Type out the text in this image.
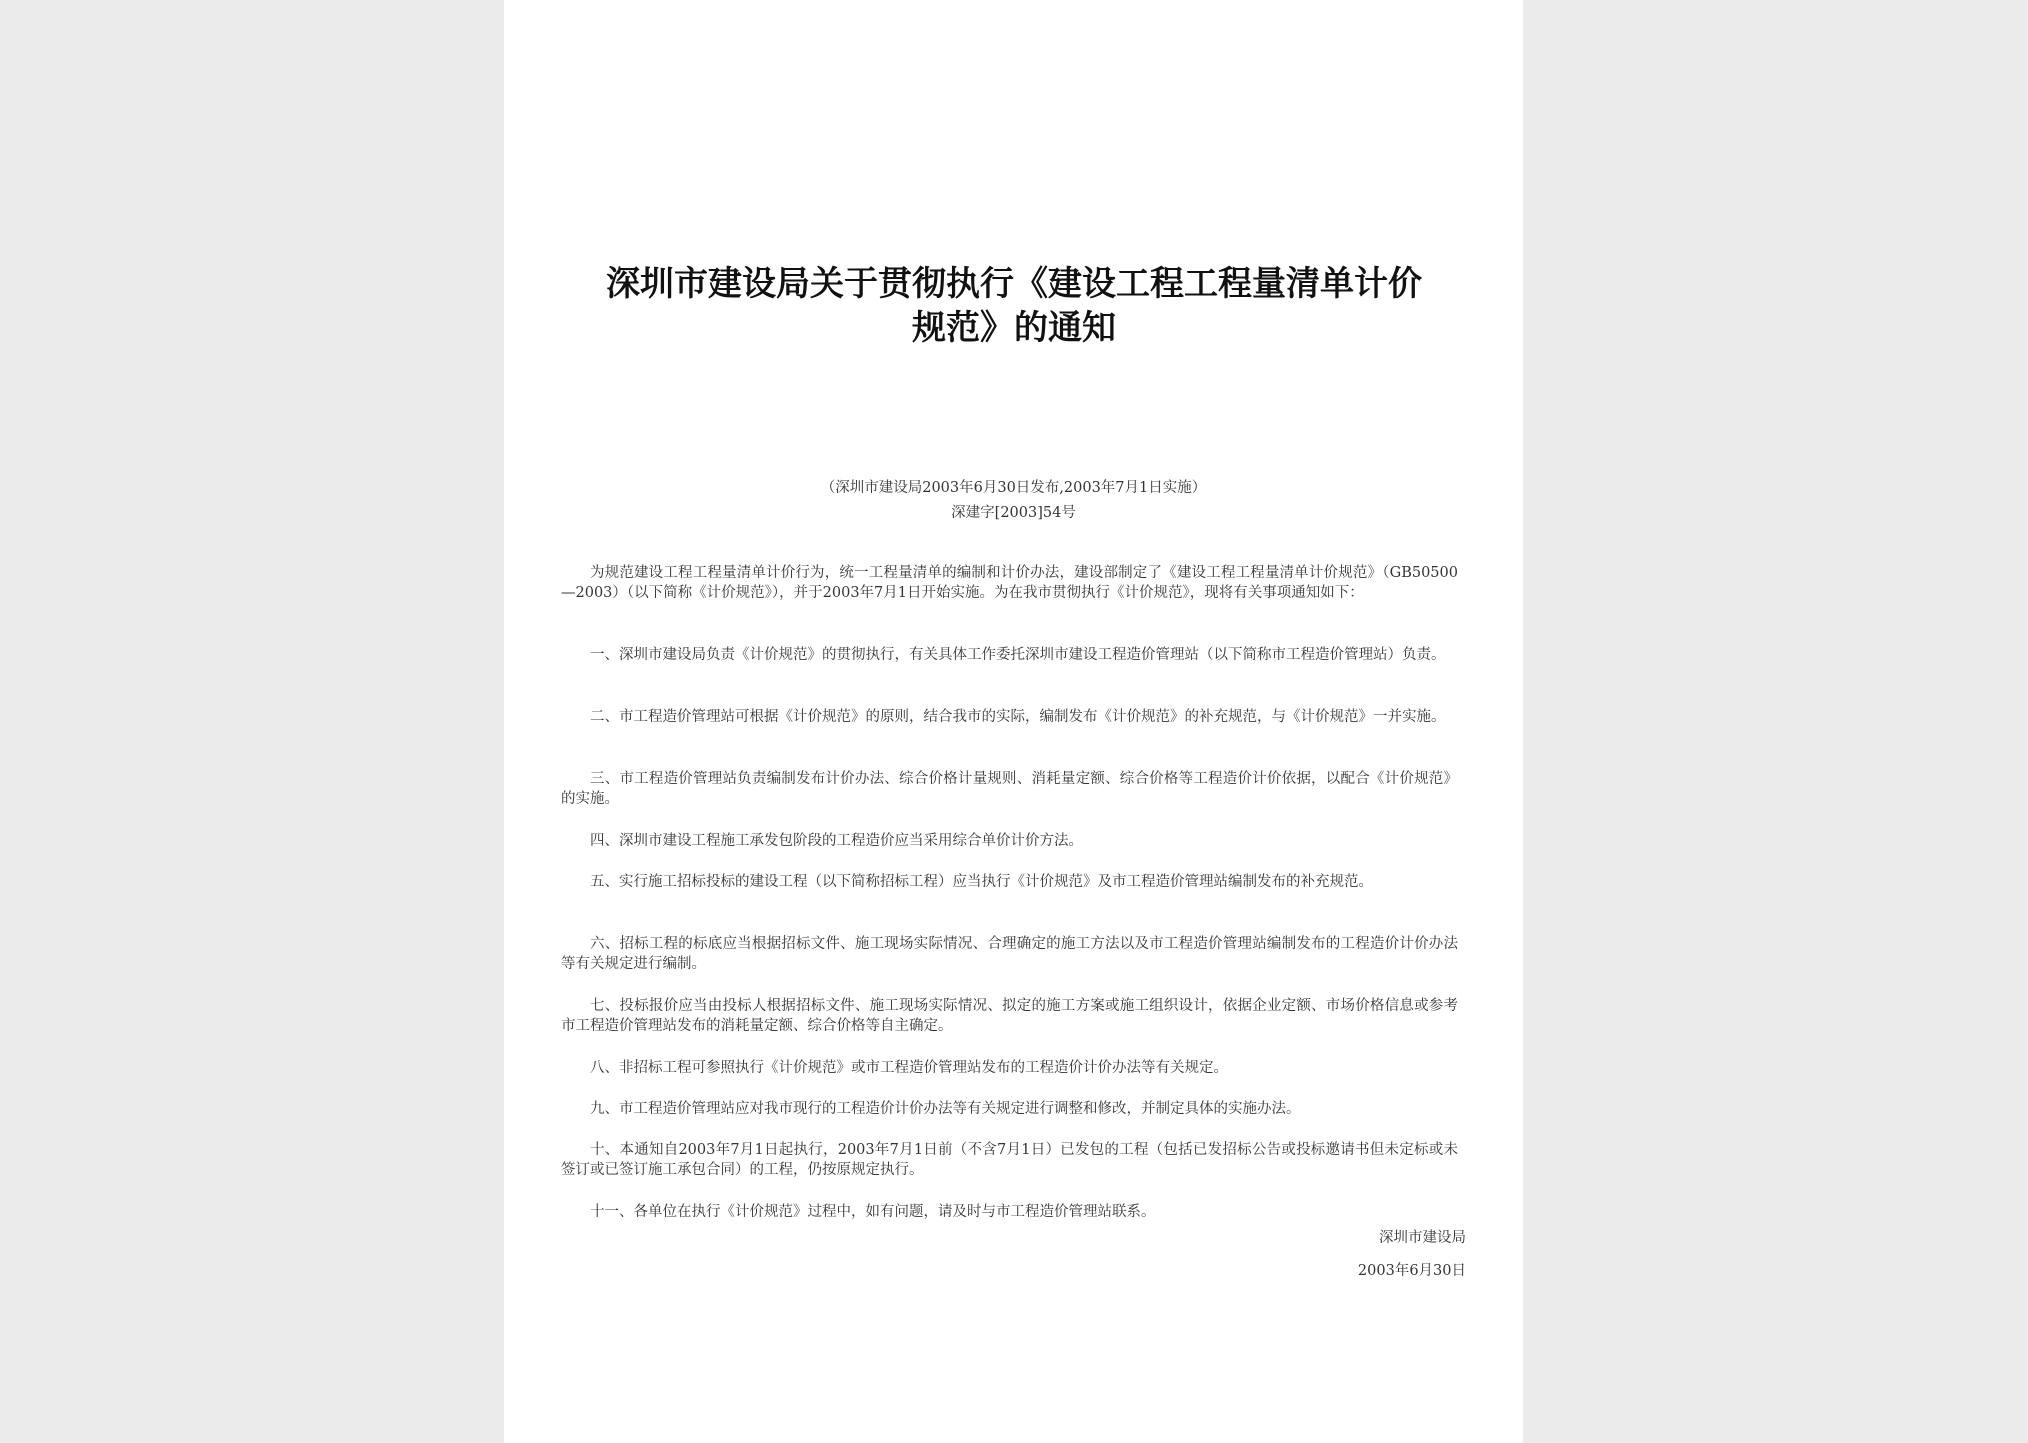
深圳市建设局关于贯彻执行《建设工程工程量清单计价
规范》的通知
（深圳市建设局2003年6月30日发布,2003年7月1日实施）
深建字[2003]54号

为规范建设工程工程量清单计价行为，统一工程量清单的编制和计价办法，建设部制定了《建设工程工程量清单计价规范》（GB50500—2003）（以下简称《计价规范》），并于2003年7月1日开始实施。为在我市贯彻执行《计价规范》，现将有关事项通知如下：

一、深圳市建设局负责《计价规范》的贯彻执行，有关具体工作委托深圳市建设工程造价管理站（以下简称市工程造价管理站）负责。

二、市工程造价管理站可根据《计价规范》的原则，结合我市的实际，编制发布《计价规范》的补充规范，与《计价规范》一并实施。

三、市工程造价管理站负责编制发布计价办法、综合价格计量规则、消耗量定额、综合价格等工程造价计价依据，以配合《计价规范》的实施。

四、深圳市建设工程施工承发包阶段的工程造价应当采用综合单价计价方法。

五、实行施工招标投标的建设工程（以下简称招标工程）应当执行《计价规范》及市工程造价管理站编制发布的补充规范。

六、招标工程的标底应当根据招标文件、施工现场实际情况、合理确定的施工方法以及市工程造价管理站编制发布的工程造价计价办法等有关规定进行编制。

七、投标报价应当由投标人根据招标文件、施工现场实际情况、拟定的施工方案或施工组织设计，依据企业定额、市场价格信息或参考市工程造价管理站发布的消耗量定额、综合价格等自主确定。

八、非招标工程可参照执行《计价规范》或市工程造价管理站发布的工程造价计价办法等有关规定。

九、市工程造价管理站应对我市现行的工程造价计价办法等有关规定进行调整和修改，并制定具体的实施办法。

十、本通知自2003年7月1日起执行，2003年7月1日前（不含7月1日）已发包的工程（包括已发招标公告或投标邀请书但未定标或未签订或已签订施工承包合同）的工程，仍按原规定执行。

十一、各单位在执行《计价规范》过程中，如有问题，请及时与市工程造价管理站联系。

深圳市建设局
2003年6月30日
